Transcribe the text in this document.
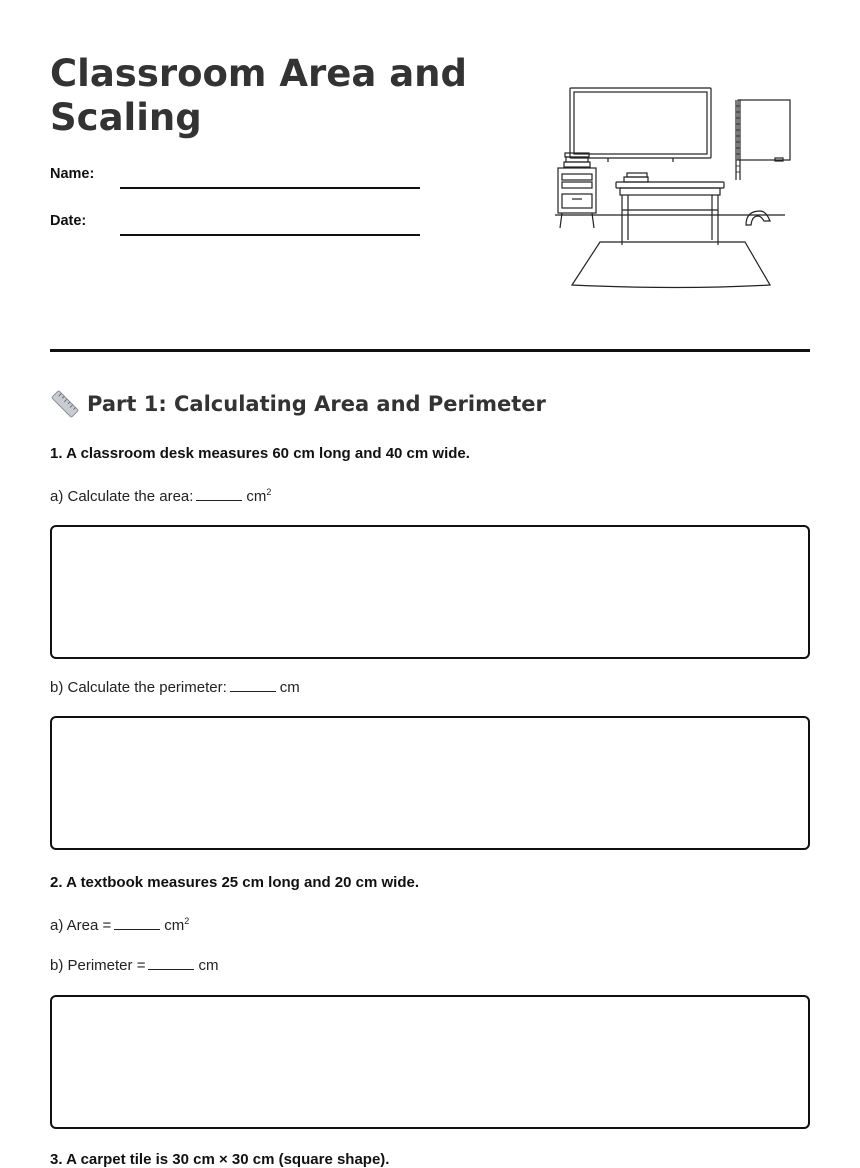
Classroom Area and Scaling
Name:
Date:
Part 1: Calculating Area and Perimeter

1. A classroom desk measures 60 cm long and 40 cm wide.

a) Calculate the area:	$cm^2$

b) Calculate the perimeter:	cm

2. A textbook measures 25 cm long and 20 cm wide.

a) Area =	$cm^2$

b) Perimeter =	cm

3. A carpet tile is 30 cm × 30 cm (square shape).
